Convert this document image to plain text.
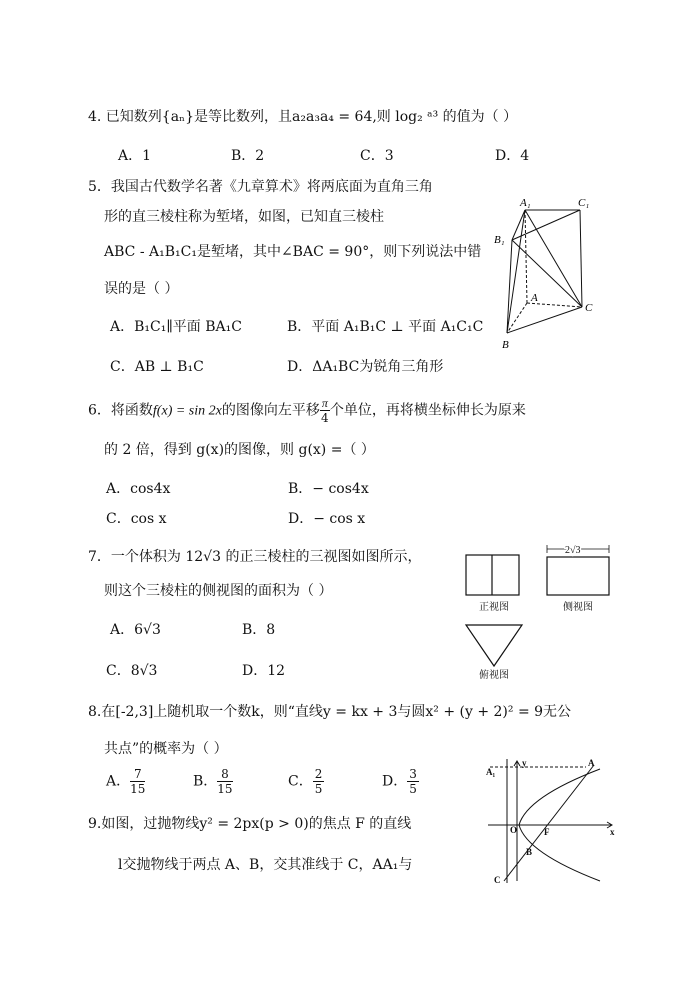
4. 已知数列{aₙ}是等比数列，且a₂a₃a₄ = 64,则 log₂ ᵃ³ 的值为（ ）
A．1	B．2	C．3	D．4
5．我国古代数学名著《九章算术》将两底面为直角三角
形的直三棱柱称为堑堵，如图，已知直三棱柱
ABC - A₁B₁C₁是堑堵，其中∠BAC = 90°，则下列说法中错
误的是（ ）
A．B₁C₁∥平面 BA₁C	B．平面 A₁B₁C ⊥ 平面 A₁C₁C
C．AB ⊥ B₁C	D．ΔA₁BC为锐角三角形
A₁	C₁
B₁
A
C
B
6．将函数f(x) = sin 2x的图像向左平移 $\frac{\pi}{4}$ 个单位，再将横坐标伸长为原来
的 2 倍，得到 g(x)的图像，则 g(x) =（ ）
A．cos4x	B．− cos4x
C．cos x	D．− cos x
7．一个体积为 12√3 的正三棱柱的三视图如图所示，
则这个三棱柱的侧视图的面积为（ ）
A．6√3	B．8
C．8√3	D．12
2√3
正视图	侧视图
俯视图
8.在[-2,3]上随机取一个数k，则“直线y = kx + 3与圆x² + (y + 2)² = 9无公
共点”的概率为（ ）
A． $\frac{7}{15}$	B． $\frac{8}{15}$	C． $\frac{2}{5}$	D． $\frac{3}{5}$
9.如图，过抛物线y² = 2px(p > 0)的焦点 F 的直线
l交抛物线于两点 A、B，交其准线于 C，AA₁与
A₁
y	A
O	F	x
B
C
